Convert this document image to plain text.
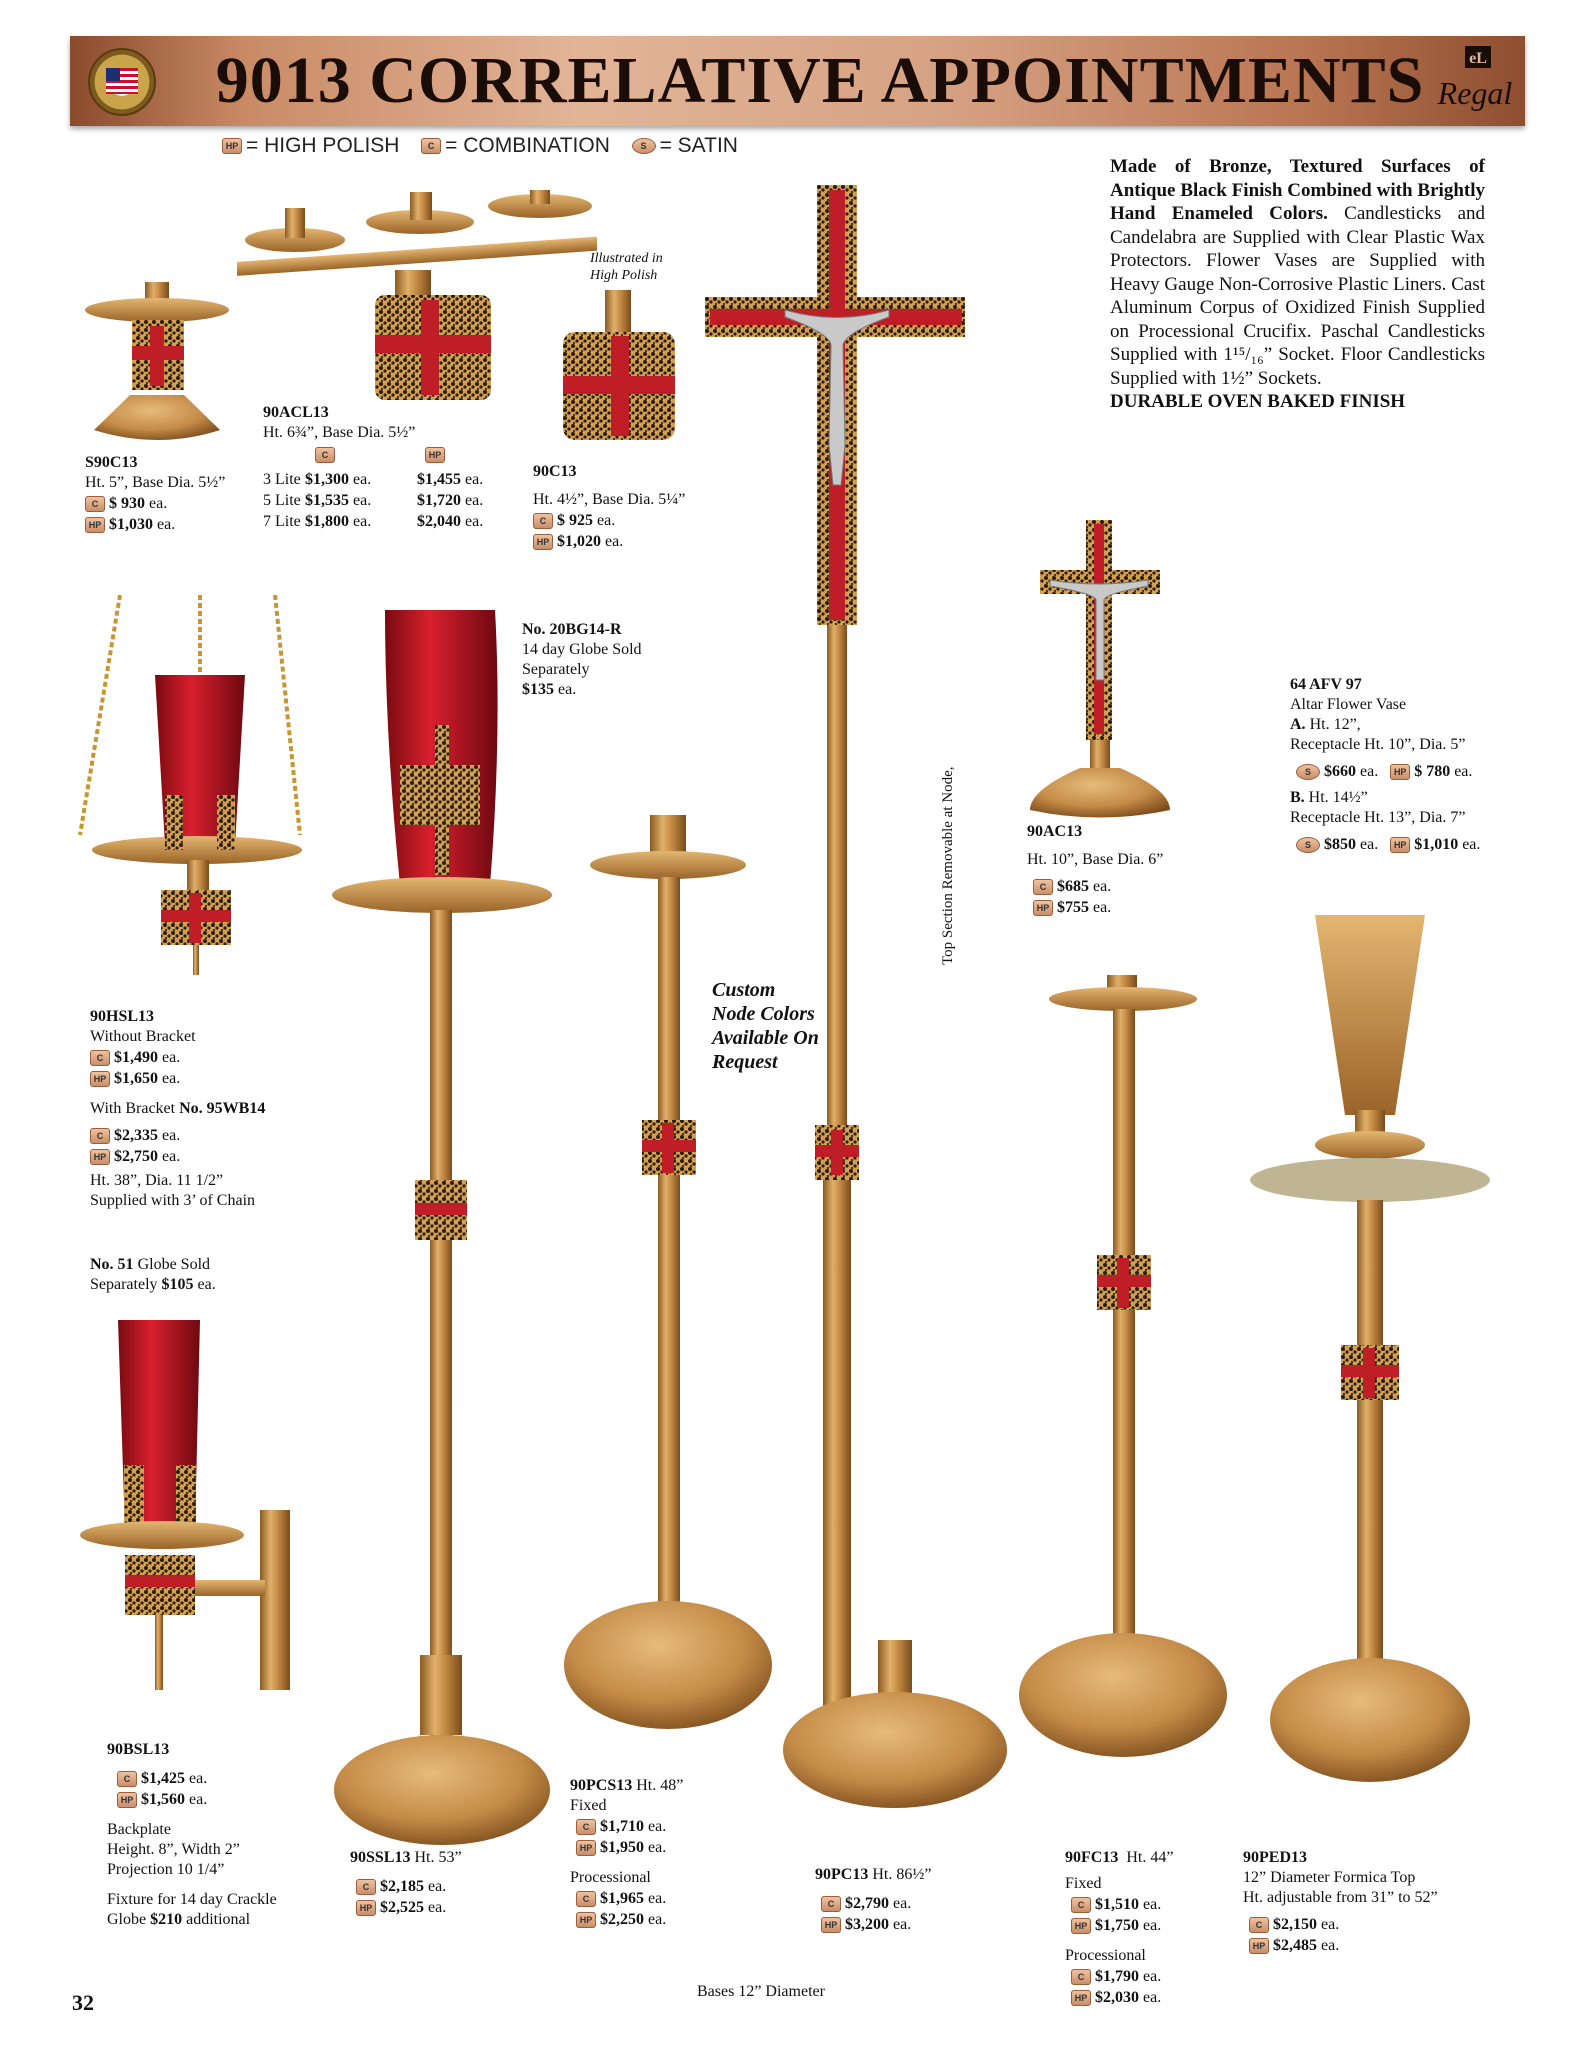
9013 CORRELATIVE APPOINTMENTS	eL
Regal
HP = HIGH POLISH	C = COMBINATION	S = SATIN
Made of Bronze, Textured Surfaces of Antique Black Finish Combined with Brightly Hand Enameled Colors. Candlesticks and Candelabra are Supplied with Clear Plastic Wax Protectors. Flower Vases are Supplied with Heavy Gauge Non-Corrosive Plastic Liners. Cast Aluminum Corpus of Oxidized Finish Supplied on Processional Crucifix. Paschal Candlesticks Supplied with 1¹⁵/₁₆” Socket. Floor Candlesticks Supplied with 1½” Sockets.
DURABLE OVEN BAKED FINISH
S90C13
Ht. 5”, Base Dia. 5½”
C $ 930 ea.
HP $1,030 ea.
90ACL13
Ht. 6¾”, Base Dia. 5½”
C	HP
3 Lite $1,300 ea.	$1,455 ea.
5 Lite $1,535 ea.	$1,720 ea.
7 Lite $1,800 ea.	$2,040 ea.
Illustrated in High Polish
90C13
Ht. 4½”, Base Dia. 5¼”
C $ 925 ea.
HP $1,020 ea.
No. 20BG14-R
14 day Globe Sold
Separately
$135 ea.
90HSL13
Without Bracket
C $1,490 ea.
HP $1,650 ea.
With Bracket No. 95WB14
C $2,335 ea.
HP $2,750 ea.
Ht. 38”, Dia. 11 1/2”
Supplied with 3’ of Chain
No. 51 Globe Sold
Separately $105 ea.
90BSL13
C $1,425 ea.
HP $1,560 ea.
Backplate
Height. 8”, Width 2”
Projection 10 1/4”
Fixture for 14 day Crackle
Globe $210 additional
90SSL13 Ht. 53”
C $2,185 ea.
HP $2,525 ea.
90PCS13 Ht. 48”
Fixed
C $1,710 ea.
HP $1,950 ea.
Processional
C $1,965 ea.
HP $2,250 ea.
Custom Node Colors Available On Request
Top Section Removable at Node,
90PC13 Ht. 86½”
C $2,790 ea.
HP $3,200 ea.
90AC13
Ht. 10”, Base Dia. 6”
C $685 ea.
HP $755 ea.
64 AFV 97
Altar Flower Vase
A. Ht. 12”,
Receptacle Ht. 10”, Dia. 5”
S $660 ea. HP $ 780 ea.
B. Ht. 14½”
Receptacle Ht. 13”, Dia. 7”
S $850 ea. HP $1,010 ea.
90FC13 Ht. 44”
Fixed
C $1,510 ea.
HP $1,750 ea.
Processional
C $1,790 ea.
HP $2,030 ea.
90PED13
12” Diameter Formica Top
Ht. adjustable from 31” to 52”
C $2,150 ea.
HP $2,485 ea.
Bases 12” Diameter
32
